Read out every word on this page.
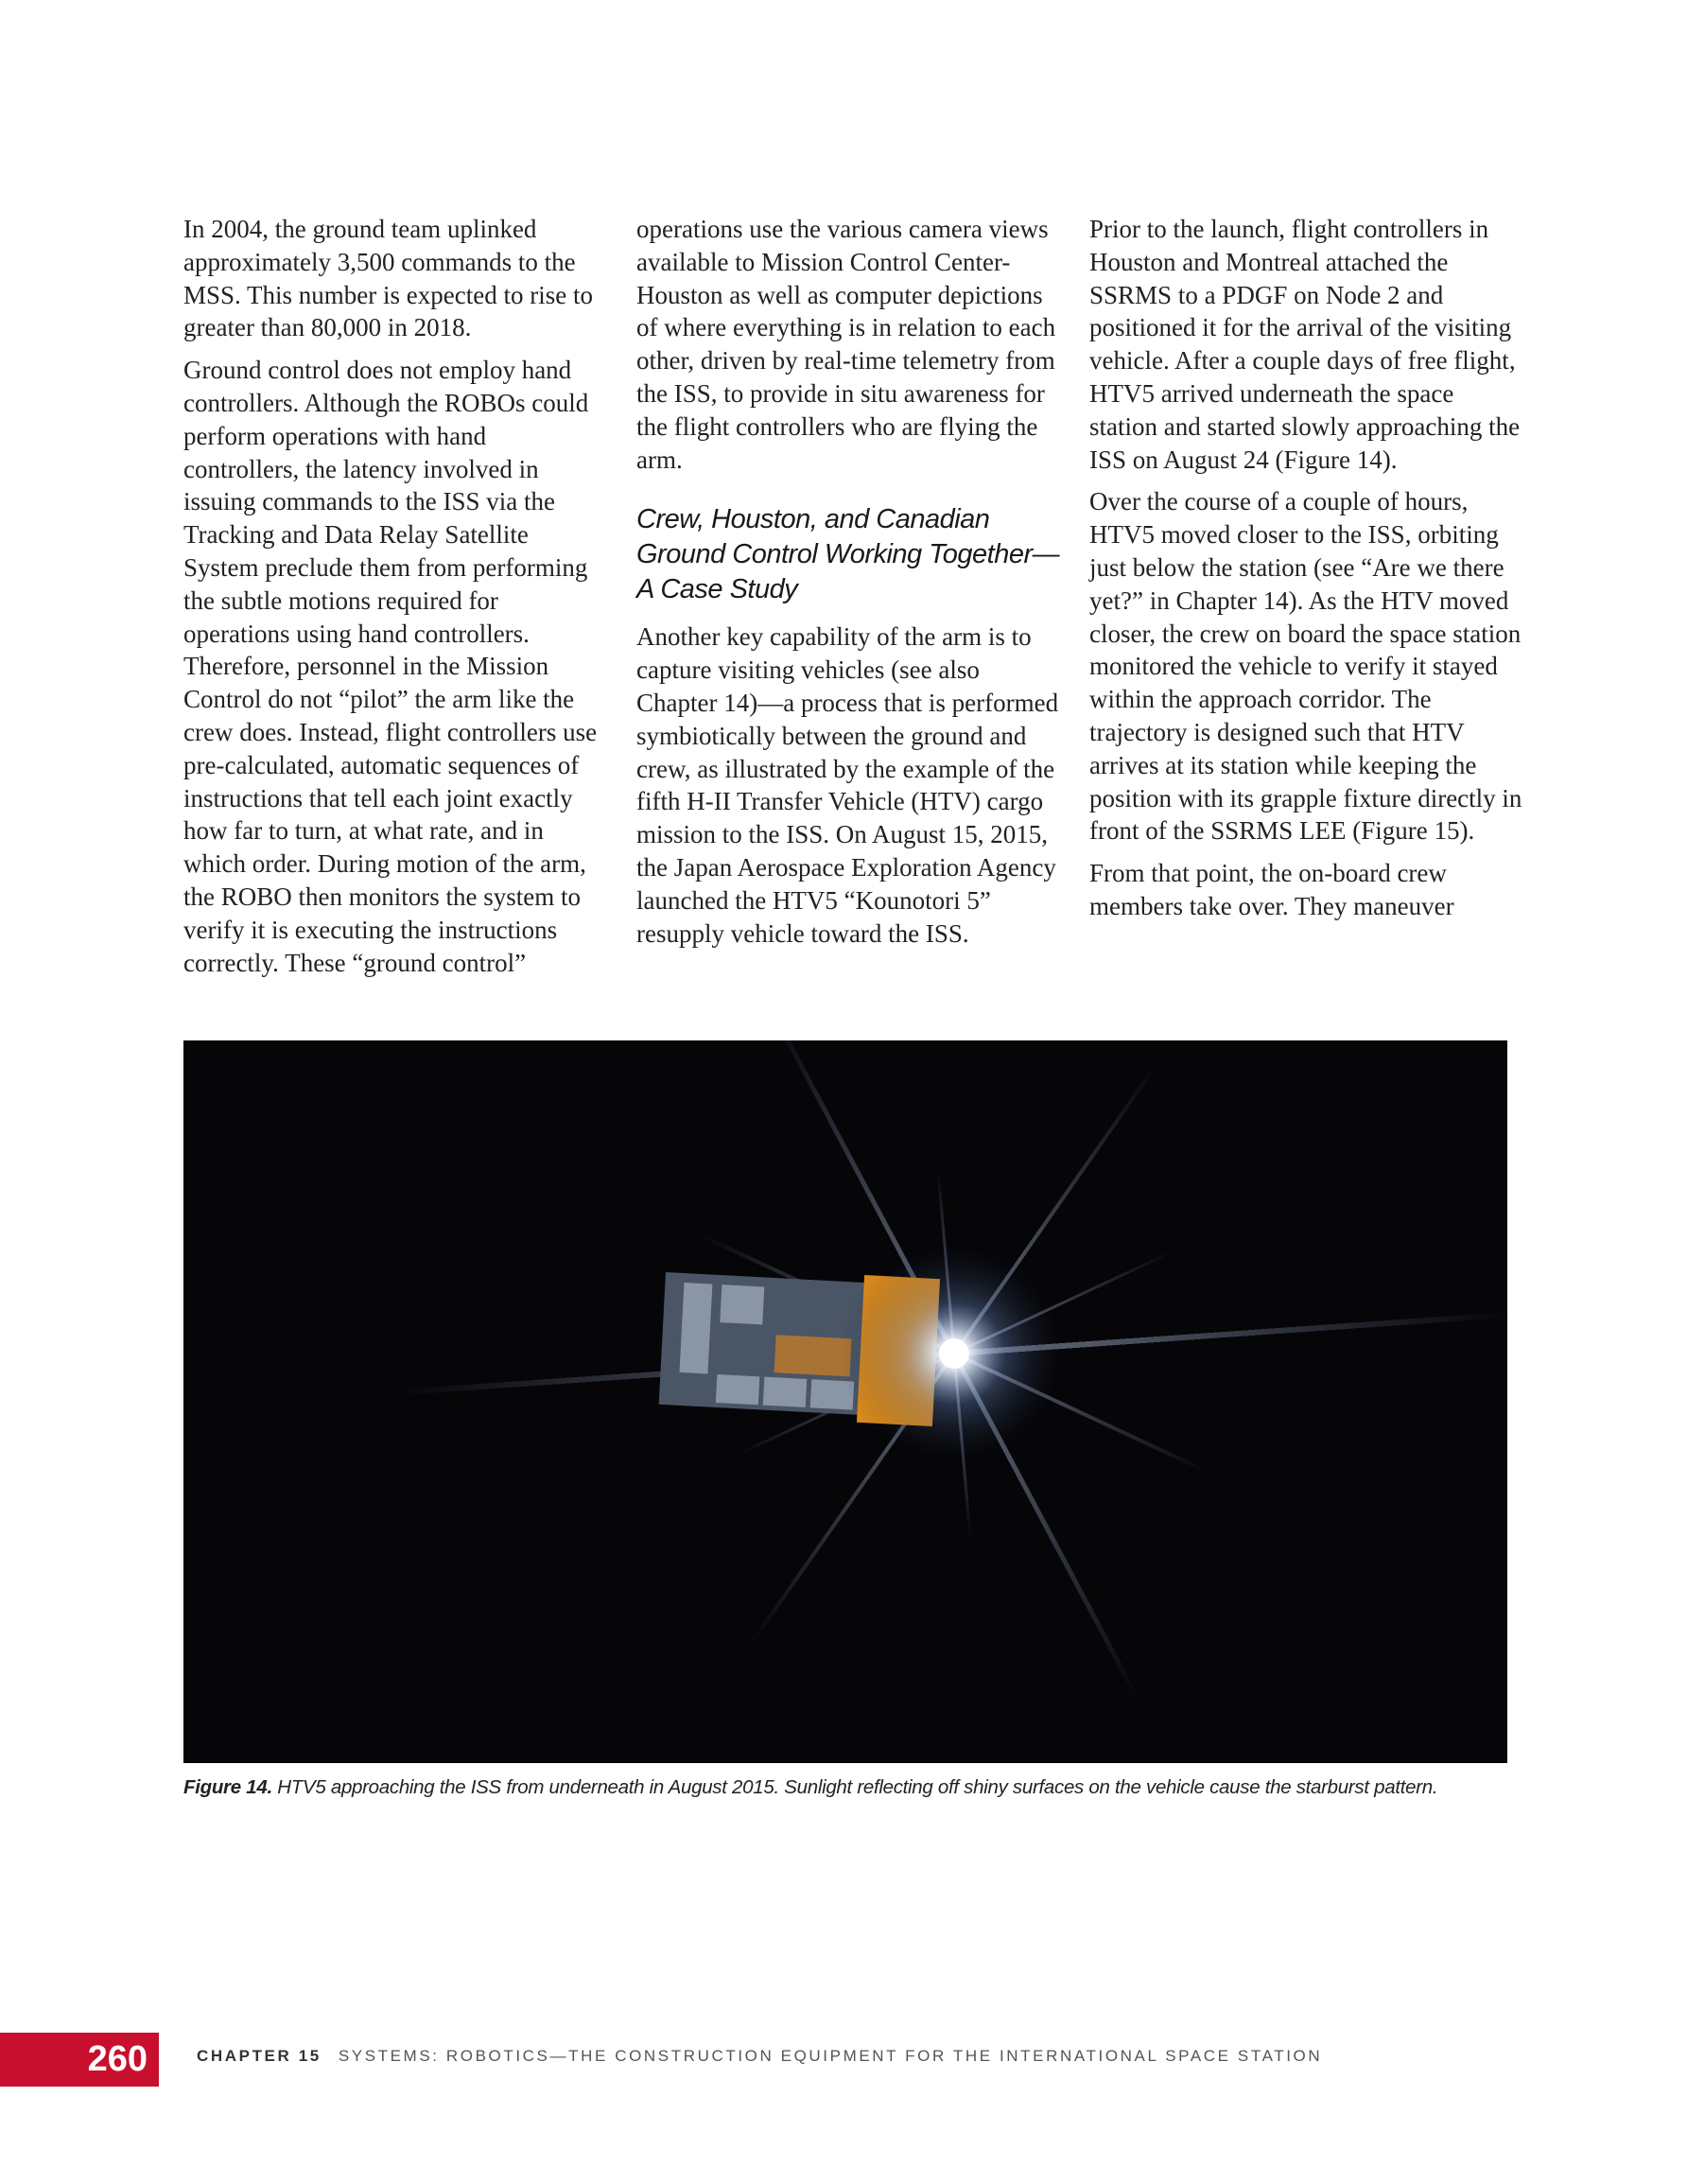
In 2004, the ground team uplinked approximately 3,500 commands to the MSS. This number is expected to rise to greater than 80,000 in 2018.

Ground control does not employ hand controllers. Although the ROBOs could perform operations with hand controllers, the latency involved in issuing commands to the ISS via the Tracking and Data Relay Satellite System preclude them from performing the subtle motions required for operations using hand controllers. Therefore, personnel in the Mission Control do not “pilot” the arm like the crew does. Instead, flight controllers use pre-calculated, automatic sequences of instructions that tell each joint exactly how far to turn, at what rate, and in which order. During motion of the arm, the ROBO then monitors the system to verify it is executing the instructions correctly. These “ground control”

operations use the various camera views available to Mission Control Center-Houston as well as computer depictions of where everything is in relation to each other, driven by real-time telemetry from the ISS, to provide in situ awareness for the flight controllers who are flying the arm.

Crew, Houston, and Canadian Ground Control Working Together—A Case Study

Another key capability of the arm is to capture visiting vehicles (see also Chapter 14)—a process that is performed symbiotically between the ground and crew, as illustrated by the example of the fifth H-II Transfer Vehicle (HTV) cargo mission to the ISS. On August 15, 2015, the Japan Aerospace Exploration Agency launched the HTV5 “Kounotori 5” resupply vehicle toward the ISS.

Prior to the launch, flight controllers in Houston and Montreal attached the SSRMS to a PDGF on Node 2 and positioned it for the arrival of the visiting vehicle. After a couple days of free flight, HTV5 arrived underneath the space station and started slowly approaching the ISS on August 24 (Figure 14).

Over the course of a couple of hours, HTV5 moved closer to the ISS, orbiting just below the station (see “Are we there yet?” in Chapter 14). As the HTV moved closer, the crew on board the space station monitored the vehicle to verify it stayed within the approach corridor. The trajectory is designed such that HTV arrives at its station while keeping the position with its grapple fixture directly in front of the SSRMS LEE (Figure 15).

From that point, the on-board crew members take over. They maneuver

Figure 14. HTV5 approaching the ISS from underneath in August 2015. Sunlight reflecting off shiny surfaces on the vehicle cause the starburst pattern.
260	CHAPTER 15 SYSTEMS: ROBOTICS—THE CONSTRUCTION EQUIPMENT FOR THE INTERNATIONAL SPACE STATION
